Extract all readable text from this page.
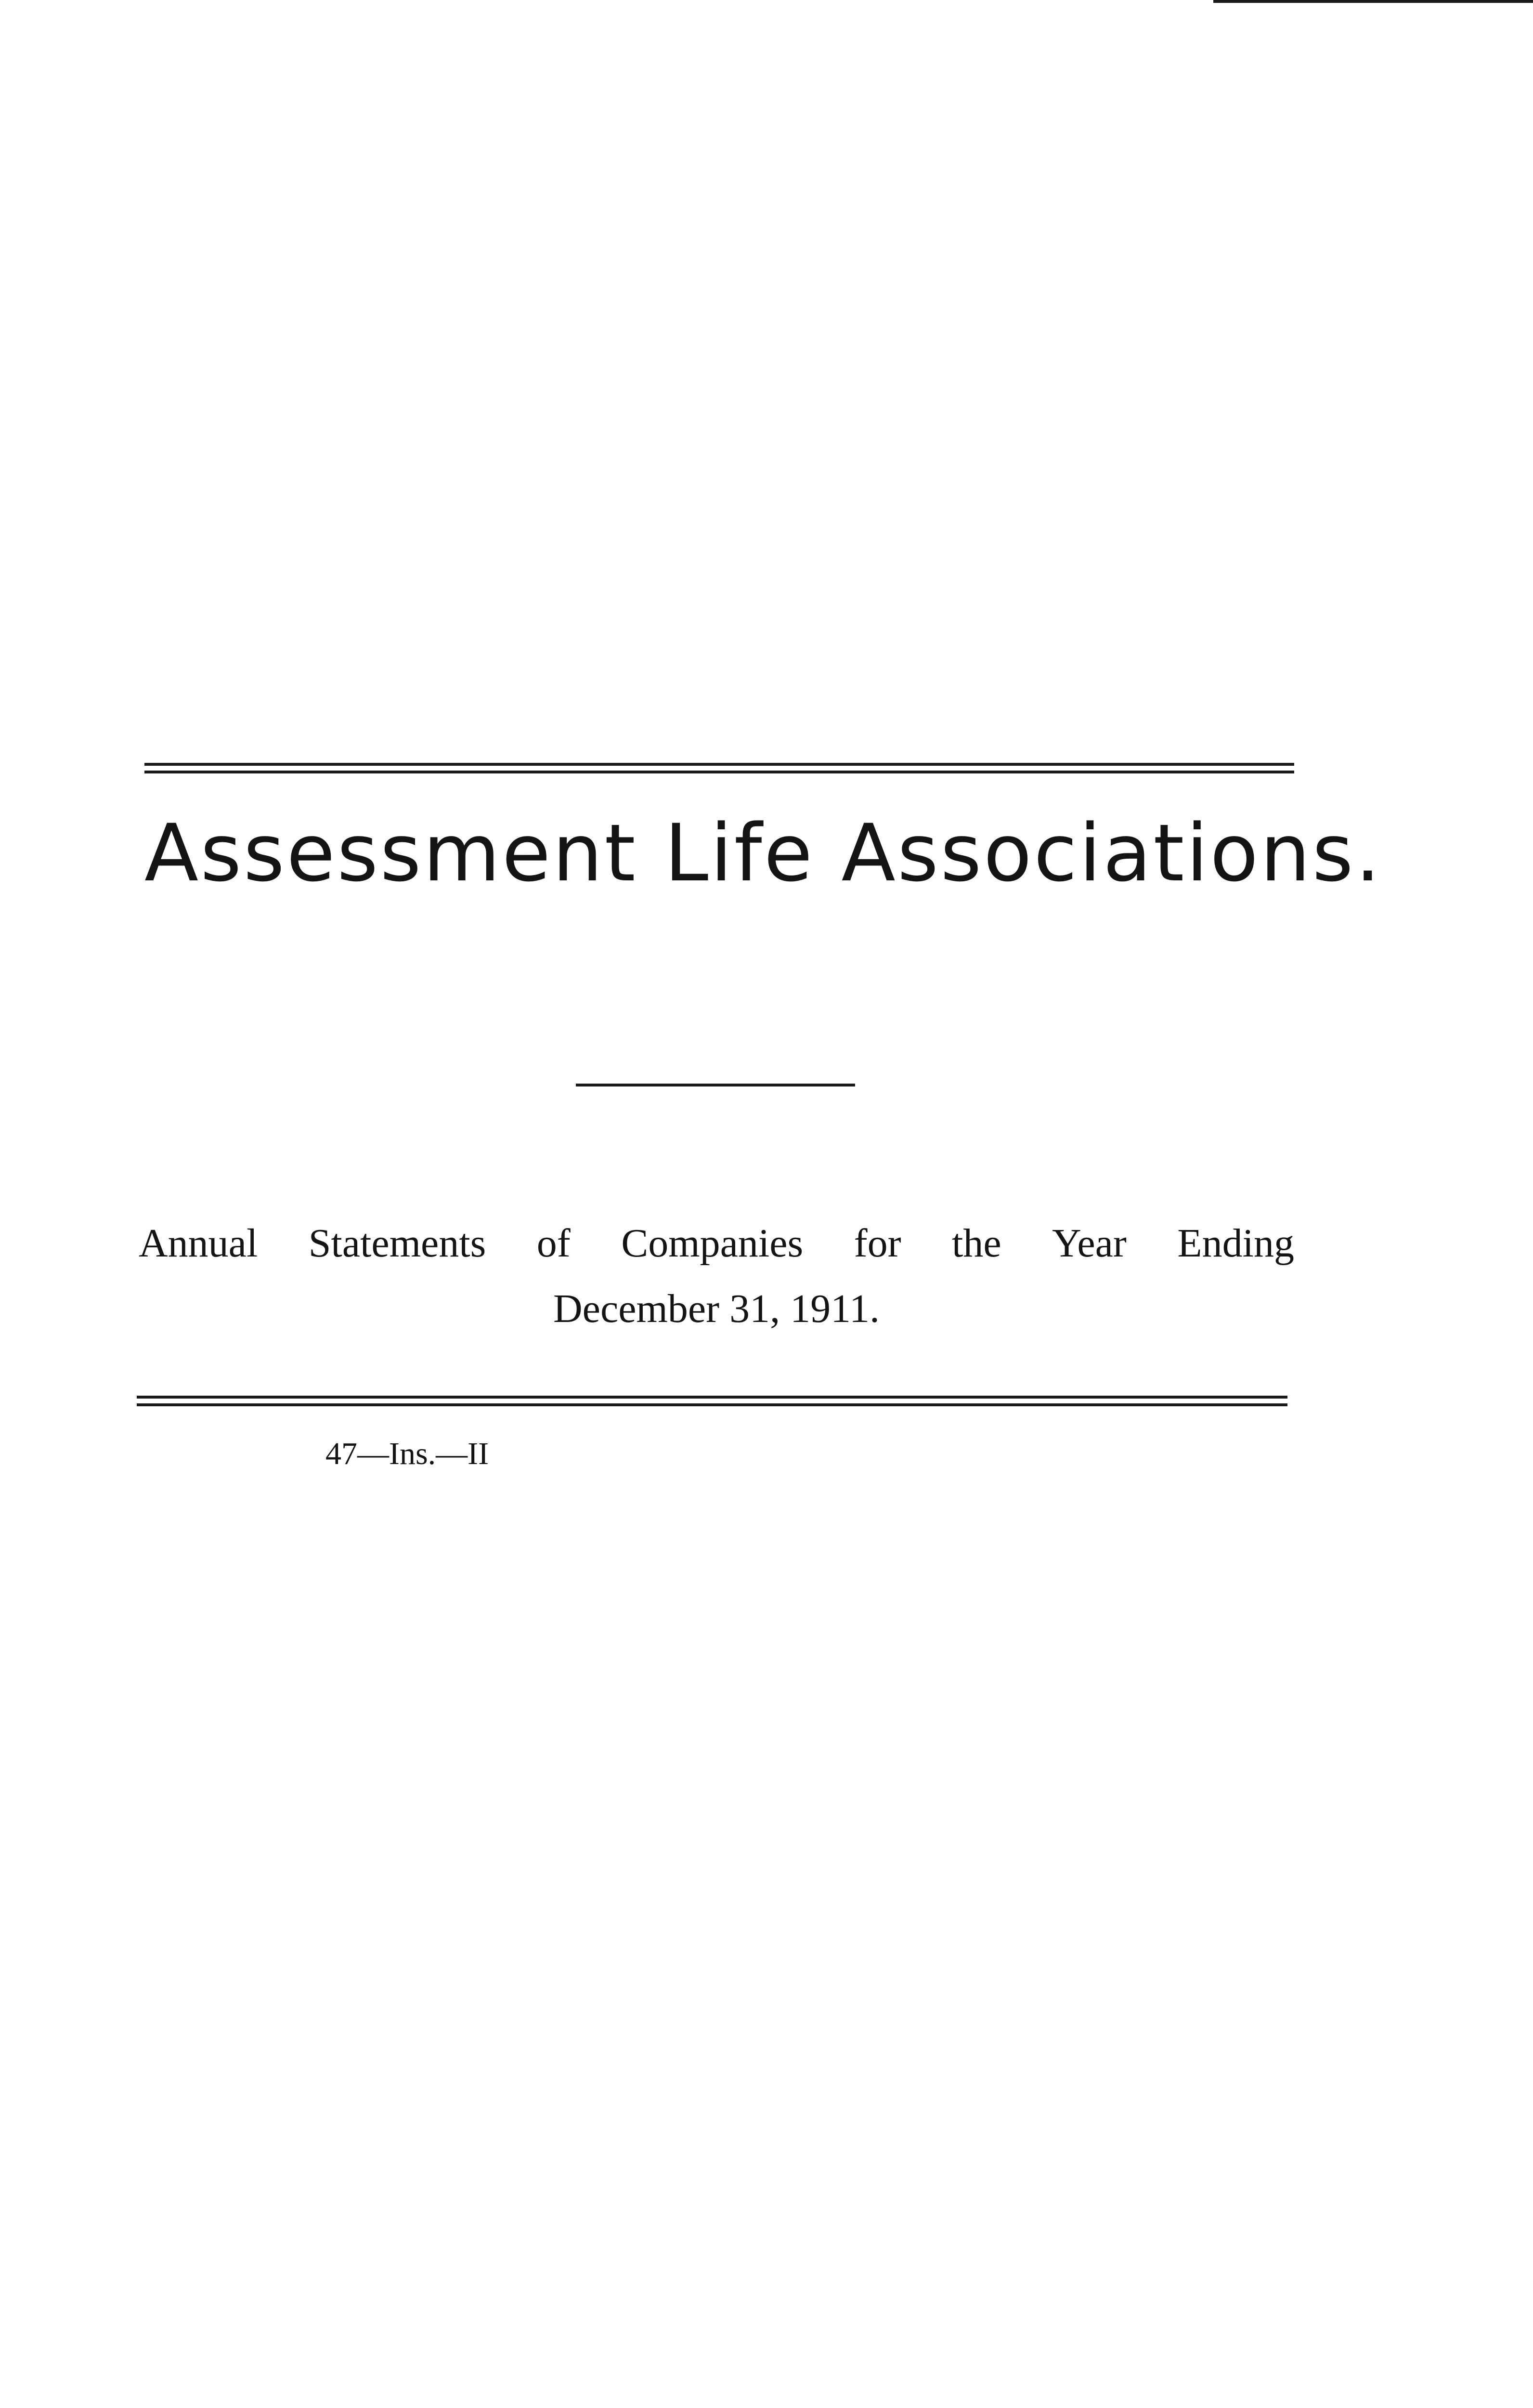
Assessment Life Associations.
Annual Statements of Companies for the Year Ending
December 31, 1911.
47—Ins.—II
